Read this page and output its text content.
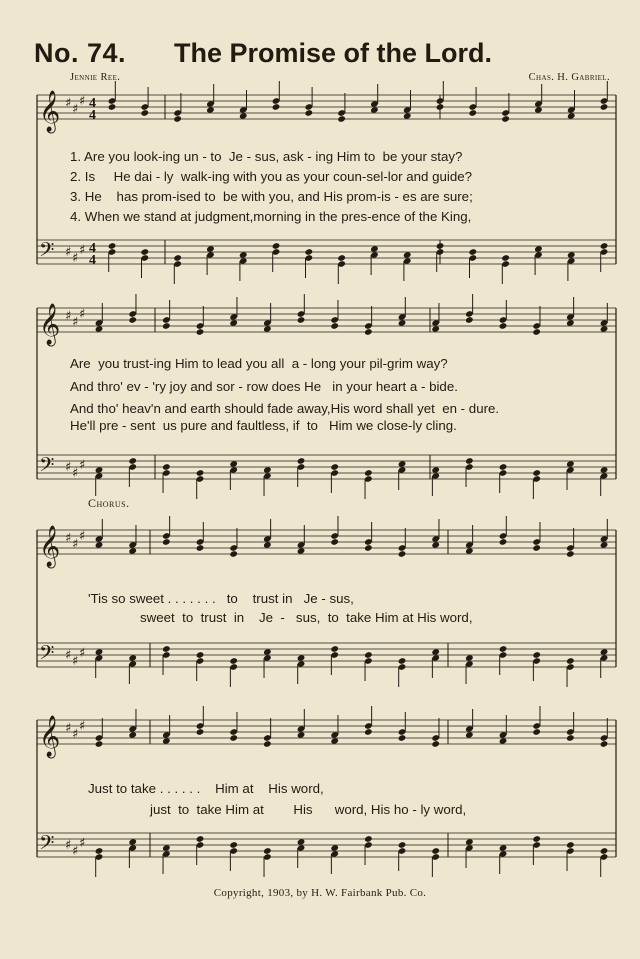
No. 74. The Promise of the Lord.
Jennie Ree.	Chas. H. Gabriel.
𝄞 ♯ ♯
♯ 4
4
𝄢 ♯ ♯
♯ 4
4
𝄞 ♯ ♯
♯
𝄢 ♯ ♯
♯
𝄞 ♯ ♯
♯
𝄢 ♯ ♯
♯
𝄞 ♯ ♯
♯
𝄢 ♯ ♯
♯
1. Are you look-ing un - to  Je - sus, ask - ing Him to  be your stay?
2. Is     He dai - ly  walk-ing with you as your coun-sel-lor and guide?
3. He    has prom-ised to  be with you, and His prom-is - es are sure;
4. When we stand at judgment,morning in the pres-ence of the King,
Are  you trust-ing Him to lead you all  a - long your pil-grim way?
And thro' ev - 'ry joy and sor - row does He   in your heart a - bide.
And tho' heav'n and earth should fade away,His word shall yet  en - dure.
He'll pre - sent  us pure and faultless, if  to   Him we close-ly cling.
Chorus.
'Tis so sweet . . . . . . .   to    trust in   Je - sus,
sweet  to  trust  in    Je  -   sus,  to  take Him at His word,
Just to take . . . . . .    Him at    His word,
just  to  take Him at        His      word, His ho - ly word,
Copyright, 1903, by H. W. Fairbank Pub. Co.
